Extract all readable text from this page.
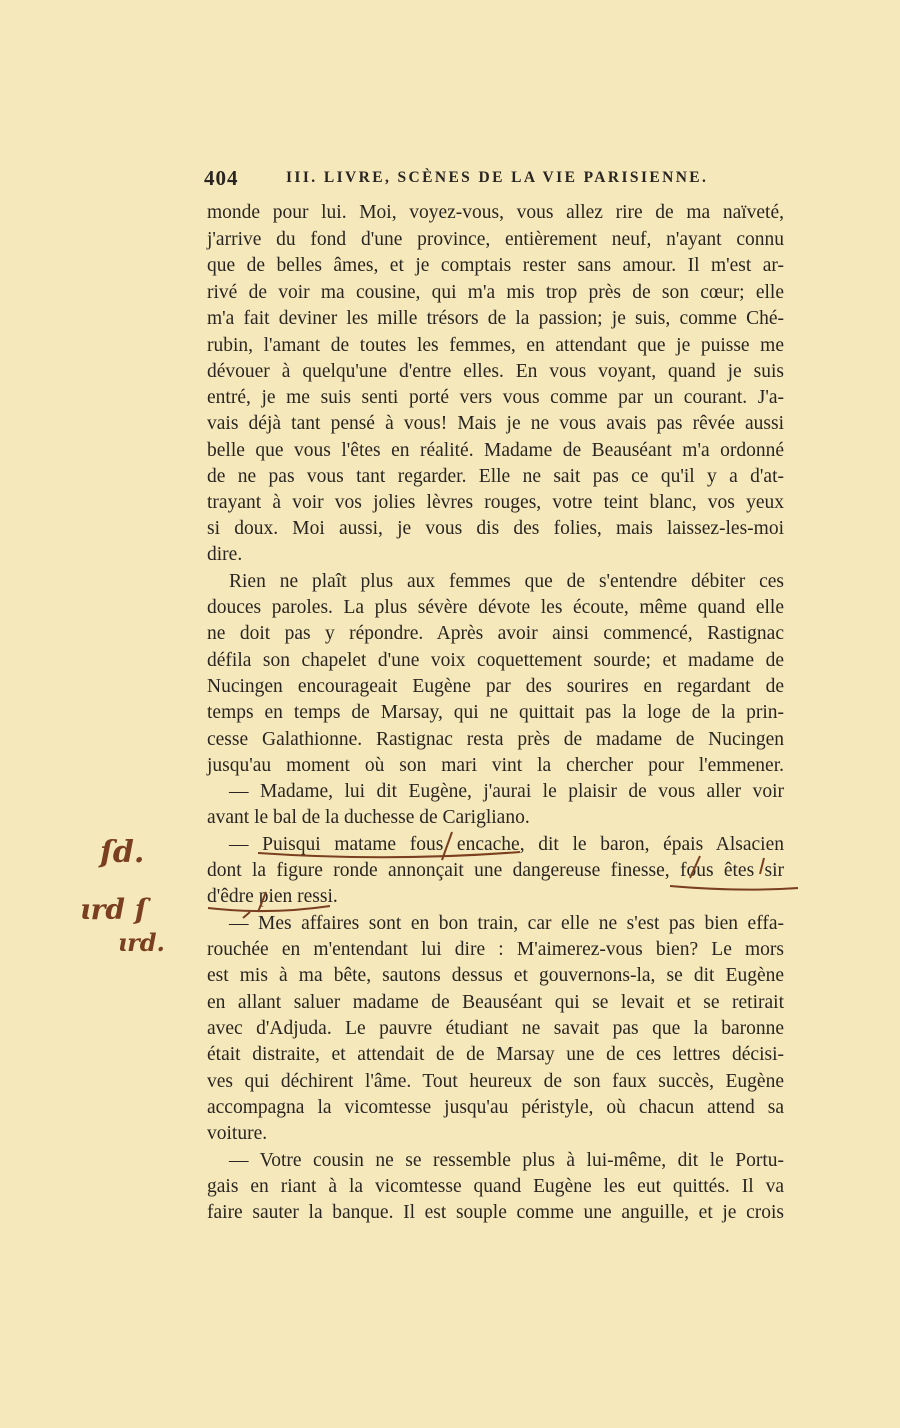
404	III. LIVRE, SCÈNES DE LA VIE PARISIENNE.
monde pour lui. Moi, voyez-vous, vous allez rire de ma naïveté,
j'arrive du fond d'une province, entièrement neuf, n'ayant connu
que de belles âmes, et je comptais rester sans amour. Il m'est ar-
rivé de voir ma cousine, qui m'a mis trop près de son cœur; elle
m'a fait deviner les mille trésors de la passion; je suis, comme Ché-
rubin, l'amant de toutes les femmes, en attendant que je puisse me
dévouer à quelqu'une d'entre elles. En vous voyant, quand je suis
entré, je me suis senti porté vers vous comme par un courant. J'a-
vais déjà tant pensé à vous! Mais je ne vous avais pas rêvée aussi
belle que vous l'êtes en réalité. Madame de Beauséant m'a ordonné
de ne pas vous tant regarder. Elle ne sait pas ce qu'il y a d'at-
trayant à voir vos jolies lèvres rouges, votre teint blanc, vos yeux
si doux. Moi aussi, je vous dis des folies, mais laissez-les-moi
dire.
Rien ne plaît plus aux femmes que de s'entendre débiter ces
douces paroles. La plus sévère dévote les écoute, même quand elle
ne doit pas y répondre. Après avoir ainsi commencé, Rastignac
défila son chapelet d'une voix coquettement sourde; et madame de
Nucingen encourageait Eugène par des sourires en regardant de
temps en temps de Marsay, qui ne quittait pas la loge de la prin-
cesse Galathionne. Rastignac resta près de madame de Nucingen
jusqu'au moment où son mari vint la chercher pour l'emmener.
— Madame, lui dit Eugène, j'aurai le plaisir de vous aller voir
avant le bal de la duchesse de Carigliano.
— Puisqui matame fous encache, dit le baron, épais Alsacien
dont la figure ronde annonçait une dangereuse finesse, fous êtes sir
d'êdre pien ressi.
— Mes affaires sont en bon train, car elle ne s'est pas bien effa-
rouchée en m'entendant lui dire : M'aimerez-vous bien? Le mors
est mis à ma bête, sautons dessus et gouvernons-la, se dit Eugène
en allant saluer madame de Beauséant qui se levait et se retirait
avec d'Adjuda. Le pauvre étudiant ne savait pas que la baronne
était distraite, et attendait de de Marsay une de ces lettres décisi-
ves qui déchirent l'âme. Tout heureux de son faux succès, Eugène
accompagna la vicomtesse jusqu'au péristyle, où chacun attend sa
voiture.
— Votre cousin ne se ressemble plus à lui-même, dit le Portu-
gais en riant à la vicomtesse quand Eugène les eut quittés. Il va
faire sauter la banque. Il est souple comme une anguille, et je crois
ſd.
ɩrd ſ
ɩrd.
